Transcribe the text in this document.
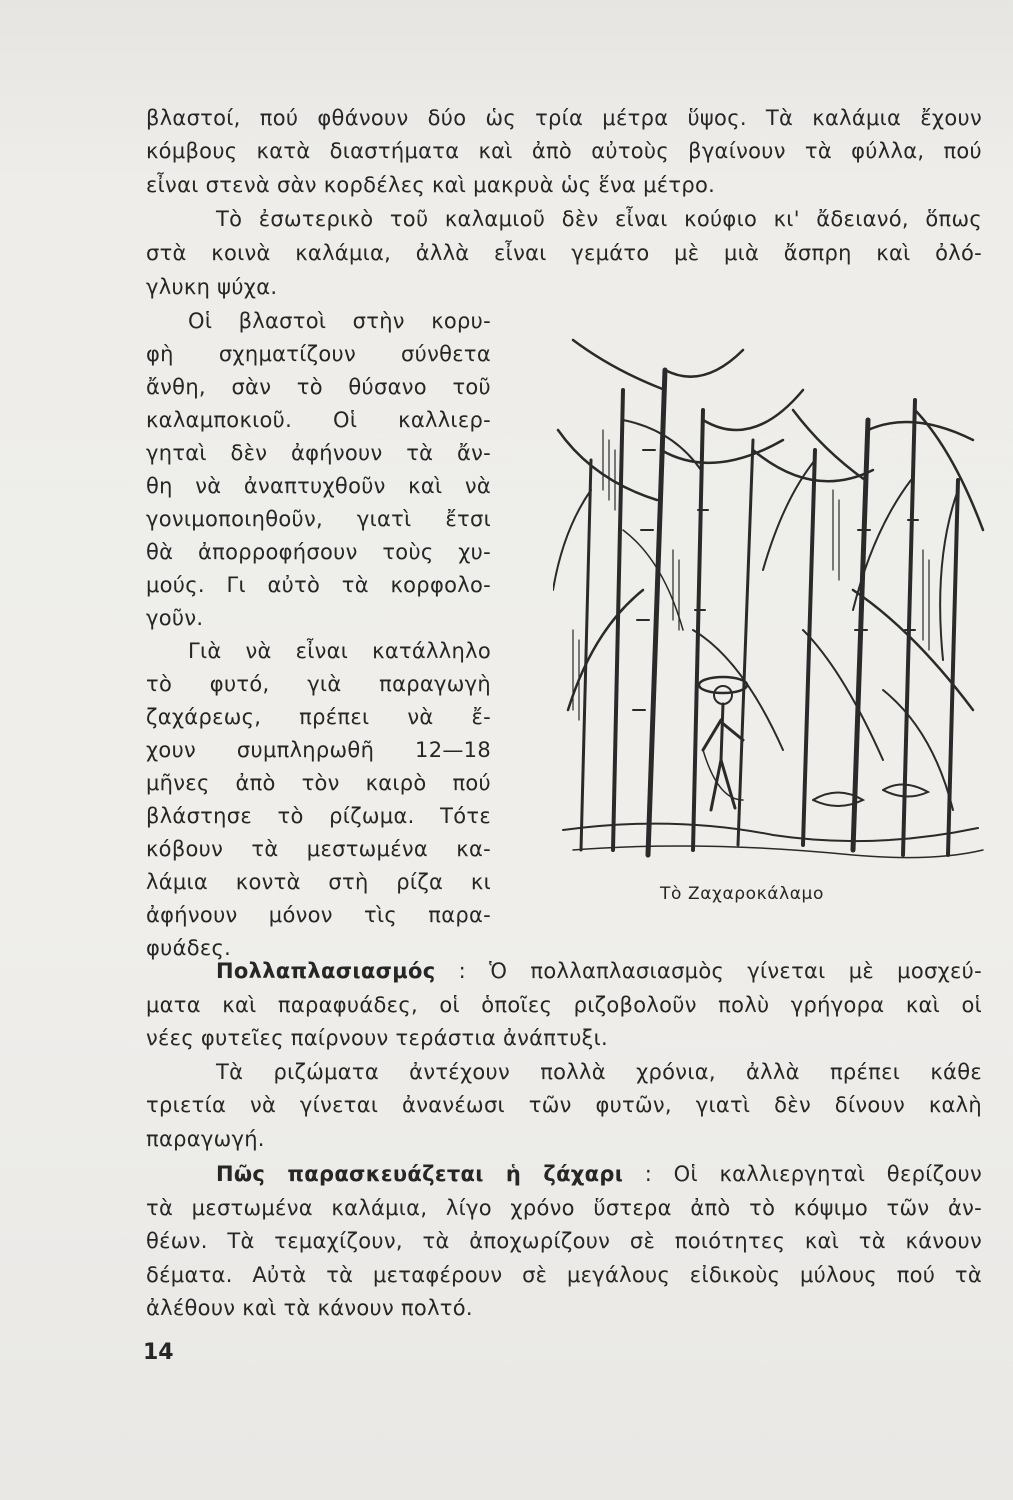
βλαστοί, πού φθάνουν δύο ὡς τρία μέτρα ὕψος. Τὰ καλάμια ἔχουν
κόμβους κατὰ διαστήματα καὶ ἀπὸ αὐτοὺς βγαίνουν τὰ φύλλα, πού
εἶναι στενὰ σὰν κορδέλες καὶ μακρυὰ ὡς ἕνα μέτρο.
Τὸ ἐσωτερικὸ τοῦ καλαμιοῦ δὲν εἶναι κούφιο κι' ἄδειανό, ὅπως
στὰ κοινὰ καλάμια, ἀλλὰ εἶναι γεμάτο μὲ μιὰ ἄσπρη καὶ ὀλό-
γλυκη ψύχα.
Οἱ βλαστοὶ στὴν κορυ-
φὴ σχηματίζουν σύνθετα
ἄνθη, σὰν τὸ θύσανο τοῦ
καλαμποκιοῦ. Οἱ καλλιερ-
γηταὶ δὲν ἀφήνουν τὰ ἄν-
θη νὰ ἀναπτυχθοῦν καὶ νὰ
γονιμοποιηθοῦν, γιατὶ ἔτσι
θὰ ἀπορροφήσουν τοὺς χυ-
μούς. Γι αὐτὸ τὰ κορφολο-
γοῦν.
Γιὰ νὰ εἶναι κατάλληλο
τὸ φυτό, γιὰ παραγωγὴ
ζαχάρεως, πρέπει νὰ ἔ-
χουν συμπληρωθῆ 12—18
μῆνες ἀπὸ τὸν καιρὸ πού
βλάστησε τὸ ρίζωμα. Τότε
κόβουν τὰ μεστωμένα κα-
λάμια κοντὰ στὴ ρίζα κι
ἀφήνουν μόνον τὶς παρα-
φυάδες.
Τὸ Ζαχαροκάλαμο
Πολλαπλασιασμός : Ὁ πολλαπλασιασμὸς γίνεται μὲ μοσχεύ-
ματα καὶ παραφυάδες, οἱ ὁποῖες ριζοβολοῦν πολὺ γρήγορα καὶ οἱ
νέες φυτεῖες παίρνουν τεράστια ἀνάπτυξι.
Τὰ ριζώματα ἀντέχουν πολλὰ χρόνια, ἀλλὰ πρέπει κάθε
τριετία νὰ γίνεται ἀνανέωσι τῶν φυτῶν, γιατὶ δὲν δίνουν καλὴ
παραγωγή.
Πῶς παρασκευάζεται ἡ ζάχαρι : Οἱ καλλιεργηταὶ θερίζουν
τὰ μεστωμένα καλάμια, λίγο χρόνο ὕστερα ἀπὸ τὸ κόψιμο τῶν ἀν-
θέων. Τὰ τεμαχίζουν, τὰ ἀποχωρίζουν σὲ ποιότητες καὶ τὰ κάνουν
δέματα. Αὐτὰ τὰ μεταφέρουν σὲ μεγάλους εἰδικοὺς μύλους πού τὰ
ἀλέθουν καὶ τὰ κάνουν πολτό.
14
